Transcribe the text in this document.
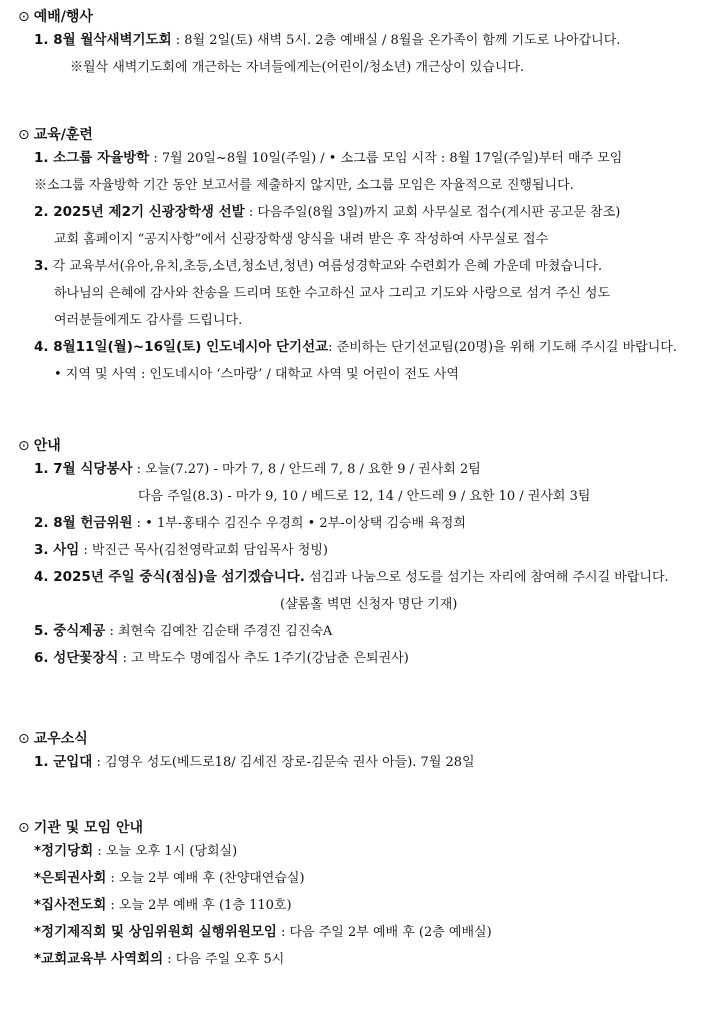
⊙ 예배/행사
1. 8월 월삭새벽기도회 : 8월 2일(토) 새벽 5시. 2층 예배실 / 8월을 온가족이 함께 기도로 나아갑니다.
※월삭 새벽기도회에 개근하는 자녀들에게는(어린이/청소년) 개근상이 있습니다.
⊙ 교육/훈련
1. 소그룹 자율방학 : 7월 20일~8월 10일(주일) / • 소그룹 모임 시작 : 8월 17일(주일)부터 매주 모임
※소그룹 자율방학 기간 동안 보고서를 제출하지 않지만, 소그룹 모임은 자율적으로 진행됩니다.
2. 2025년 제2기 신광장학생 선발 : 다음주일(8월 3일)까지 교회 사무실로 접수(게시판 공고문 참조)
교회 홈페이지 “공지사항”에서 신광장학생 양식을 내려 받은 후 작성하여 사무실로 접수
3. 각 교육부서(유아,유치,초등,소년,청소년,청년) 여름성경학교와 수련회가 은혜 가운데 마쳤습니다.
하나님의 은혜에 감사와 찬송을 드리며 또한 수고하신 교사 그리고 기도와 사랑으로 섬겨 주신 성도
여러분들에게도 감사를 드립니다.
4. 8월11일(월)~16일(토) 인도네시아 단기선교: 준비하는 단기선교팀(20명)을 위해 기도해 주시길 바랍니다.
• 지역 및 사역 : 인도네시아 ‘스마랑’ / 대학교 사역 및 어린이 전도 사역
⊙ 안내
1. 7월 식당봉사 : 오늘(7.27) - 마가 7, 8 / 안드레 7, 8 / 요한 9 / 권사회 2팀
다음 주일(8.3) - 마가 9, 10 / 베드로 12, 14 / 안드레 9 / 요한 10 / 권사회 3팀
2. 8월 헌금위원 : • 1부-홍태수 김진수 우경희 • 2부-이상택 김승배 육정희
3. 사임 : 박진근 목사(김천영락교회 담임목사 청빙)
4. 2025년 주일 중식(점심)을 섬기겠습니다. 섬김과 나눔으로 성도를 섬기는 자리에 참여해 주시길 바랍니다.
(샬롬홀 벽면 신청자 명단 기재)
5. 중식제공 : 최현숙 김예찬 김순태 주경진 김진숙A
6. 성단꽃장식 : 고 박도수 명예집사 추도 1주기(강남춘 은퇴권사)
⊙ 교우소식
1. 군입대 : 김영우 성도(베드로18/ 김세진 장로-김문숙 권사 아들). 7월 28일
⊙ 기관 및 모임 안내
*정기당회 : 오늘 오후 1시 (당회실)
*은퇴권사회 : 오늘 2부 예배 후 (찬양대연습실)
*집사전도회 : 오늘 2부 예배 후 (1층 110호)
*정기제직회 및 상임위원회 실행위원모임 : 다음 주일 2부 예배 후 (2층 예배실)
*교회교육부 사역회의 : 다음 주일 오후 5시
